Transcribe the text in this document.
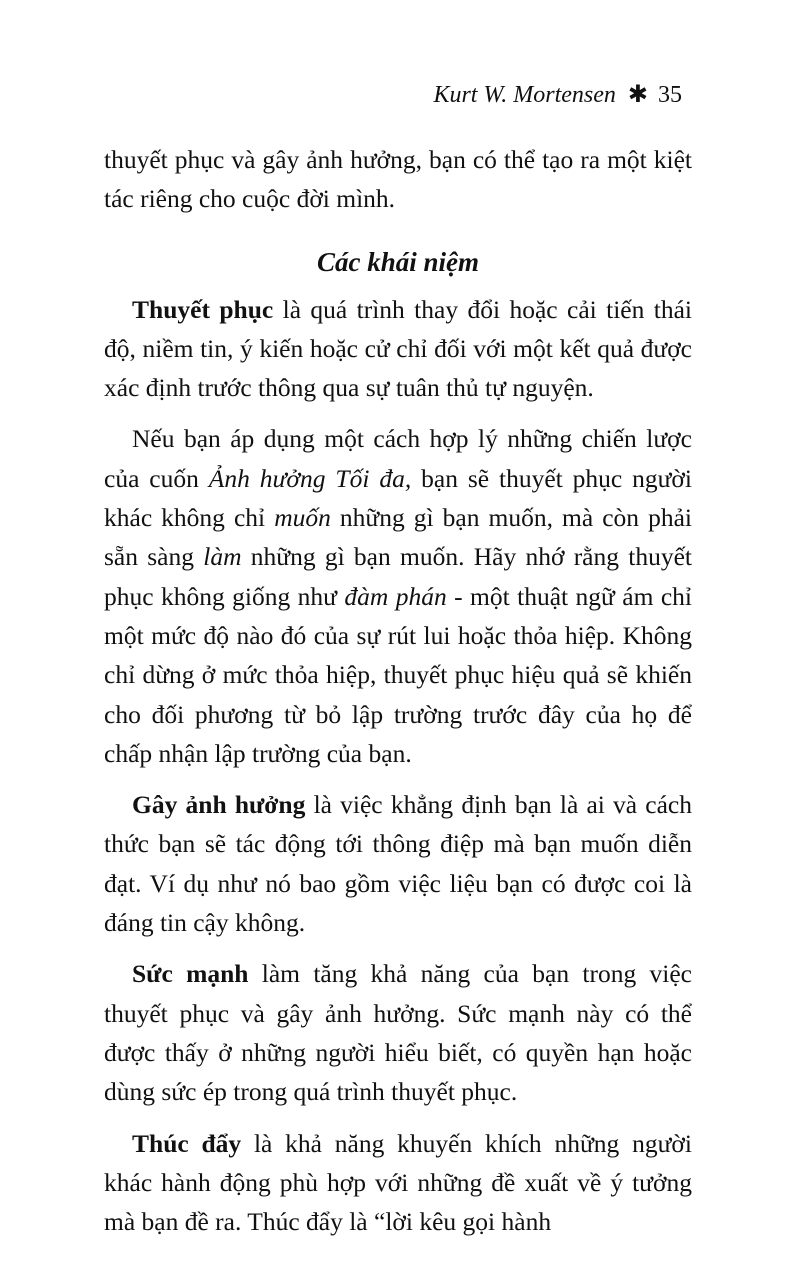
Kurt W. Mortensen ✱ 35

thuyết phục và gây ảnh hưởng, bạn có thể tạo ra một kiệt tác riêng cho cuộc đời mình.

Các khái niệm

Thuyết phục là quá trình thay đổi hoặc cải tiến thái độ, niềm tin, ý kiến hoặc cử chỉ đối với một kết quả được xác định trước thông qua sự tuân thủ tự nguyện.

Nếu bạn áp dụng một cách hợp lý những chiến lược của cuốn Ảnh hưởng Tối đa, bạn sẽ thuyết phục người khác không chỉ muốn những gì bạn muốn, mà còn phải sẵn sàng làm những gì bạn muốn. Hãy nhớ rằng thuyết phục không giống như đàm phán - một thuật ngữ ám chỉ một mức độ nào đó của sự rút lui hoặc thỏa hiệp. Không chỉ dừng ở mức thỏa hiệp, thuyết phục hiệu quả sẽ khiến cho đối phương từ bỏ lập trường trước đây của họ để chấp nhận lập trường của bạn.

Gây ảnh hưởng là việc khẳng định bạn là ai và cách thức bạn sẽ tác động tới thông điệp mà bạn muốn diễn đạt. Ví dụ như nó bao gồm việc liệu bạn có được coi là đáng tin cậy không.

Sức mạnh làm tăng khả năng của bạn trong việc thuyết phục và gây ảnh hưởng. Sức mạnh này có thể được thấy ở những người hiểu biết, có quyền hạn hoặc dùng sức ép trong quá trình thuyết phục.

Thúc đẩy là khả năng khuyến khích những người khác hành động phù hợp với những đề xuất về ý tưởng mà bạn đề ra. Thúc đẩy là “lời kêu gọi hành
